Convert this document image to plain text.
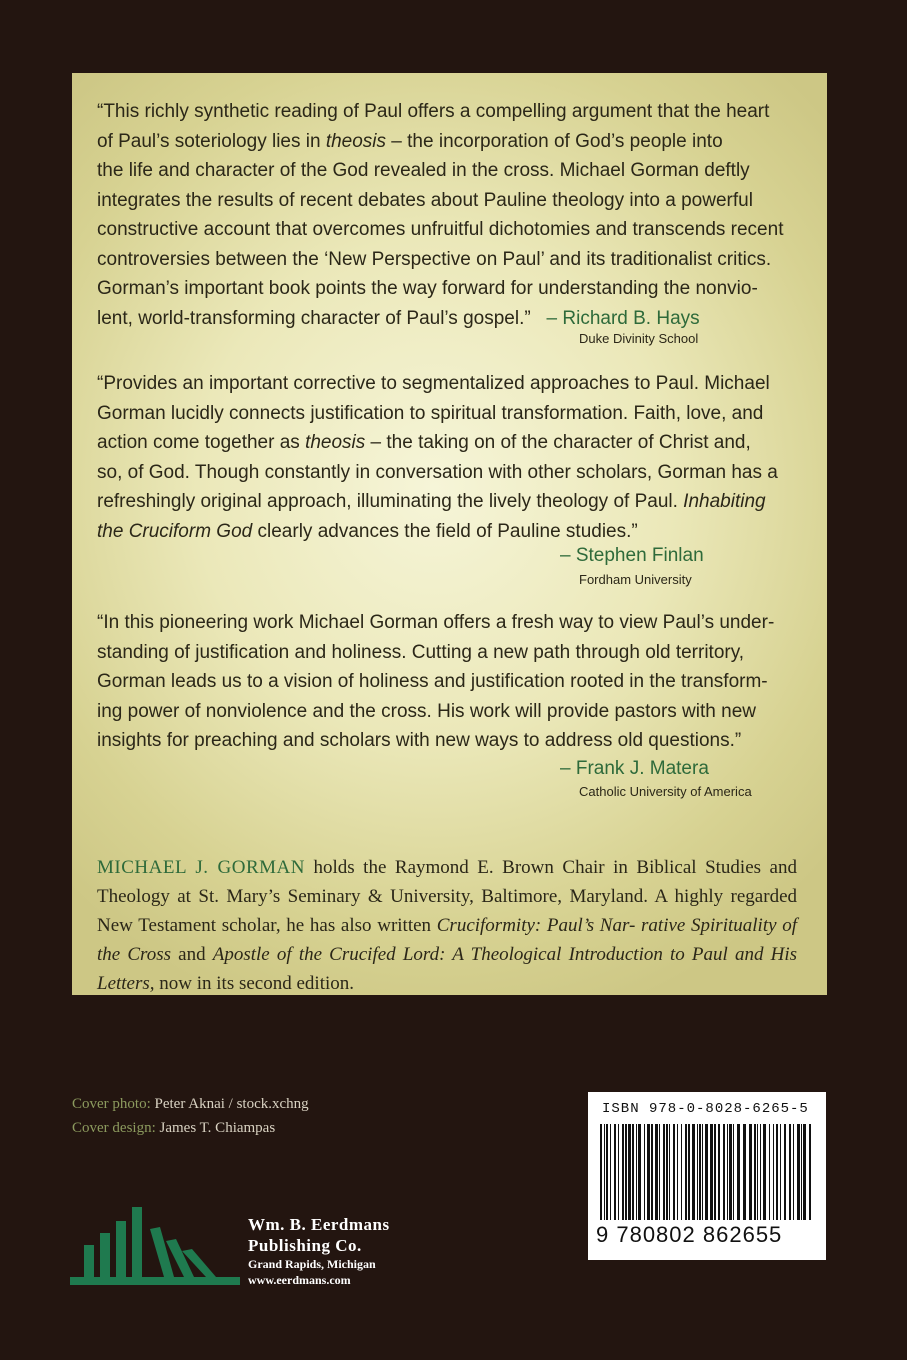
“This richly synthetic reading of Paul offers a compelling argument that the heart
of Paul’s soteriology lies in theosis – the incorporation of God’s people into
the life and character of the God revealed in the cross. Michael Gorman deftly
integrates the results of recent debates about Pauline theology into a powerful
constructive account that overcomes unfruitful dichotomies and transcends recent
controversies between the ‘New Perspective on Paul’ and its traditionalist critics.
Gorman’s important book points the way forward for understanding the nonvio-
lent, world-transforming character of Paul’s gospel.” – Richard B. Hays

Duke Divinity School

“Provides an important corrective to segmentalized approaches to Paul. Michael
Gorman lucidly connects justification to spiritual transformation. Faith, love, and
action come together as theosis – the taking on of the character of Christ and,
so, of God. Though constantly in conversation with other scholars, Gorman has a
refreshingly original approach, illuminating the lively theology of Paul. Inhabiting
the Cruciform God clearly advances the field of Pauline studies.”

– Stephen Finlan
Fordham University

“In this pioneering work Michael Gorman offers a fresh way to view Paul’s under-
standing of justification and holiness. Cutting a new path through old territory,
Gorman leads us to a vision of holiness and justification rooted in the transform-
ing power of nonviolence and the cross. His work will provide pastors with new
insights for preaching and scholars with new ways to address old questions.”

– Frank J. Matera
Catholic University of America

MICHAEL J. GORMAN holds the Raymond E. Brown Chair in Biblical Studies and Theology at St. Mary’s Seminary & University, Baltimore, Maryland. A highly regarded New Testament scholar, he has also written Cruciformity: Paul’s Nar- rative Spirituality of the Cross and Apostle of the Crucifed Lord: A Theological Introduction to Paul and His Letters, now in its second edition.

Cover photo: Peter Aknai / stock.xchng
Cover design: James T. Chiampas
ISBN 978-0-8028-6265-5
9 780802 862655
Wm. B. Eerdmans
Publishing Co.
Grand Rapids, Michigan
www.eerdmans.com
